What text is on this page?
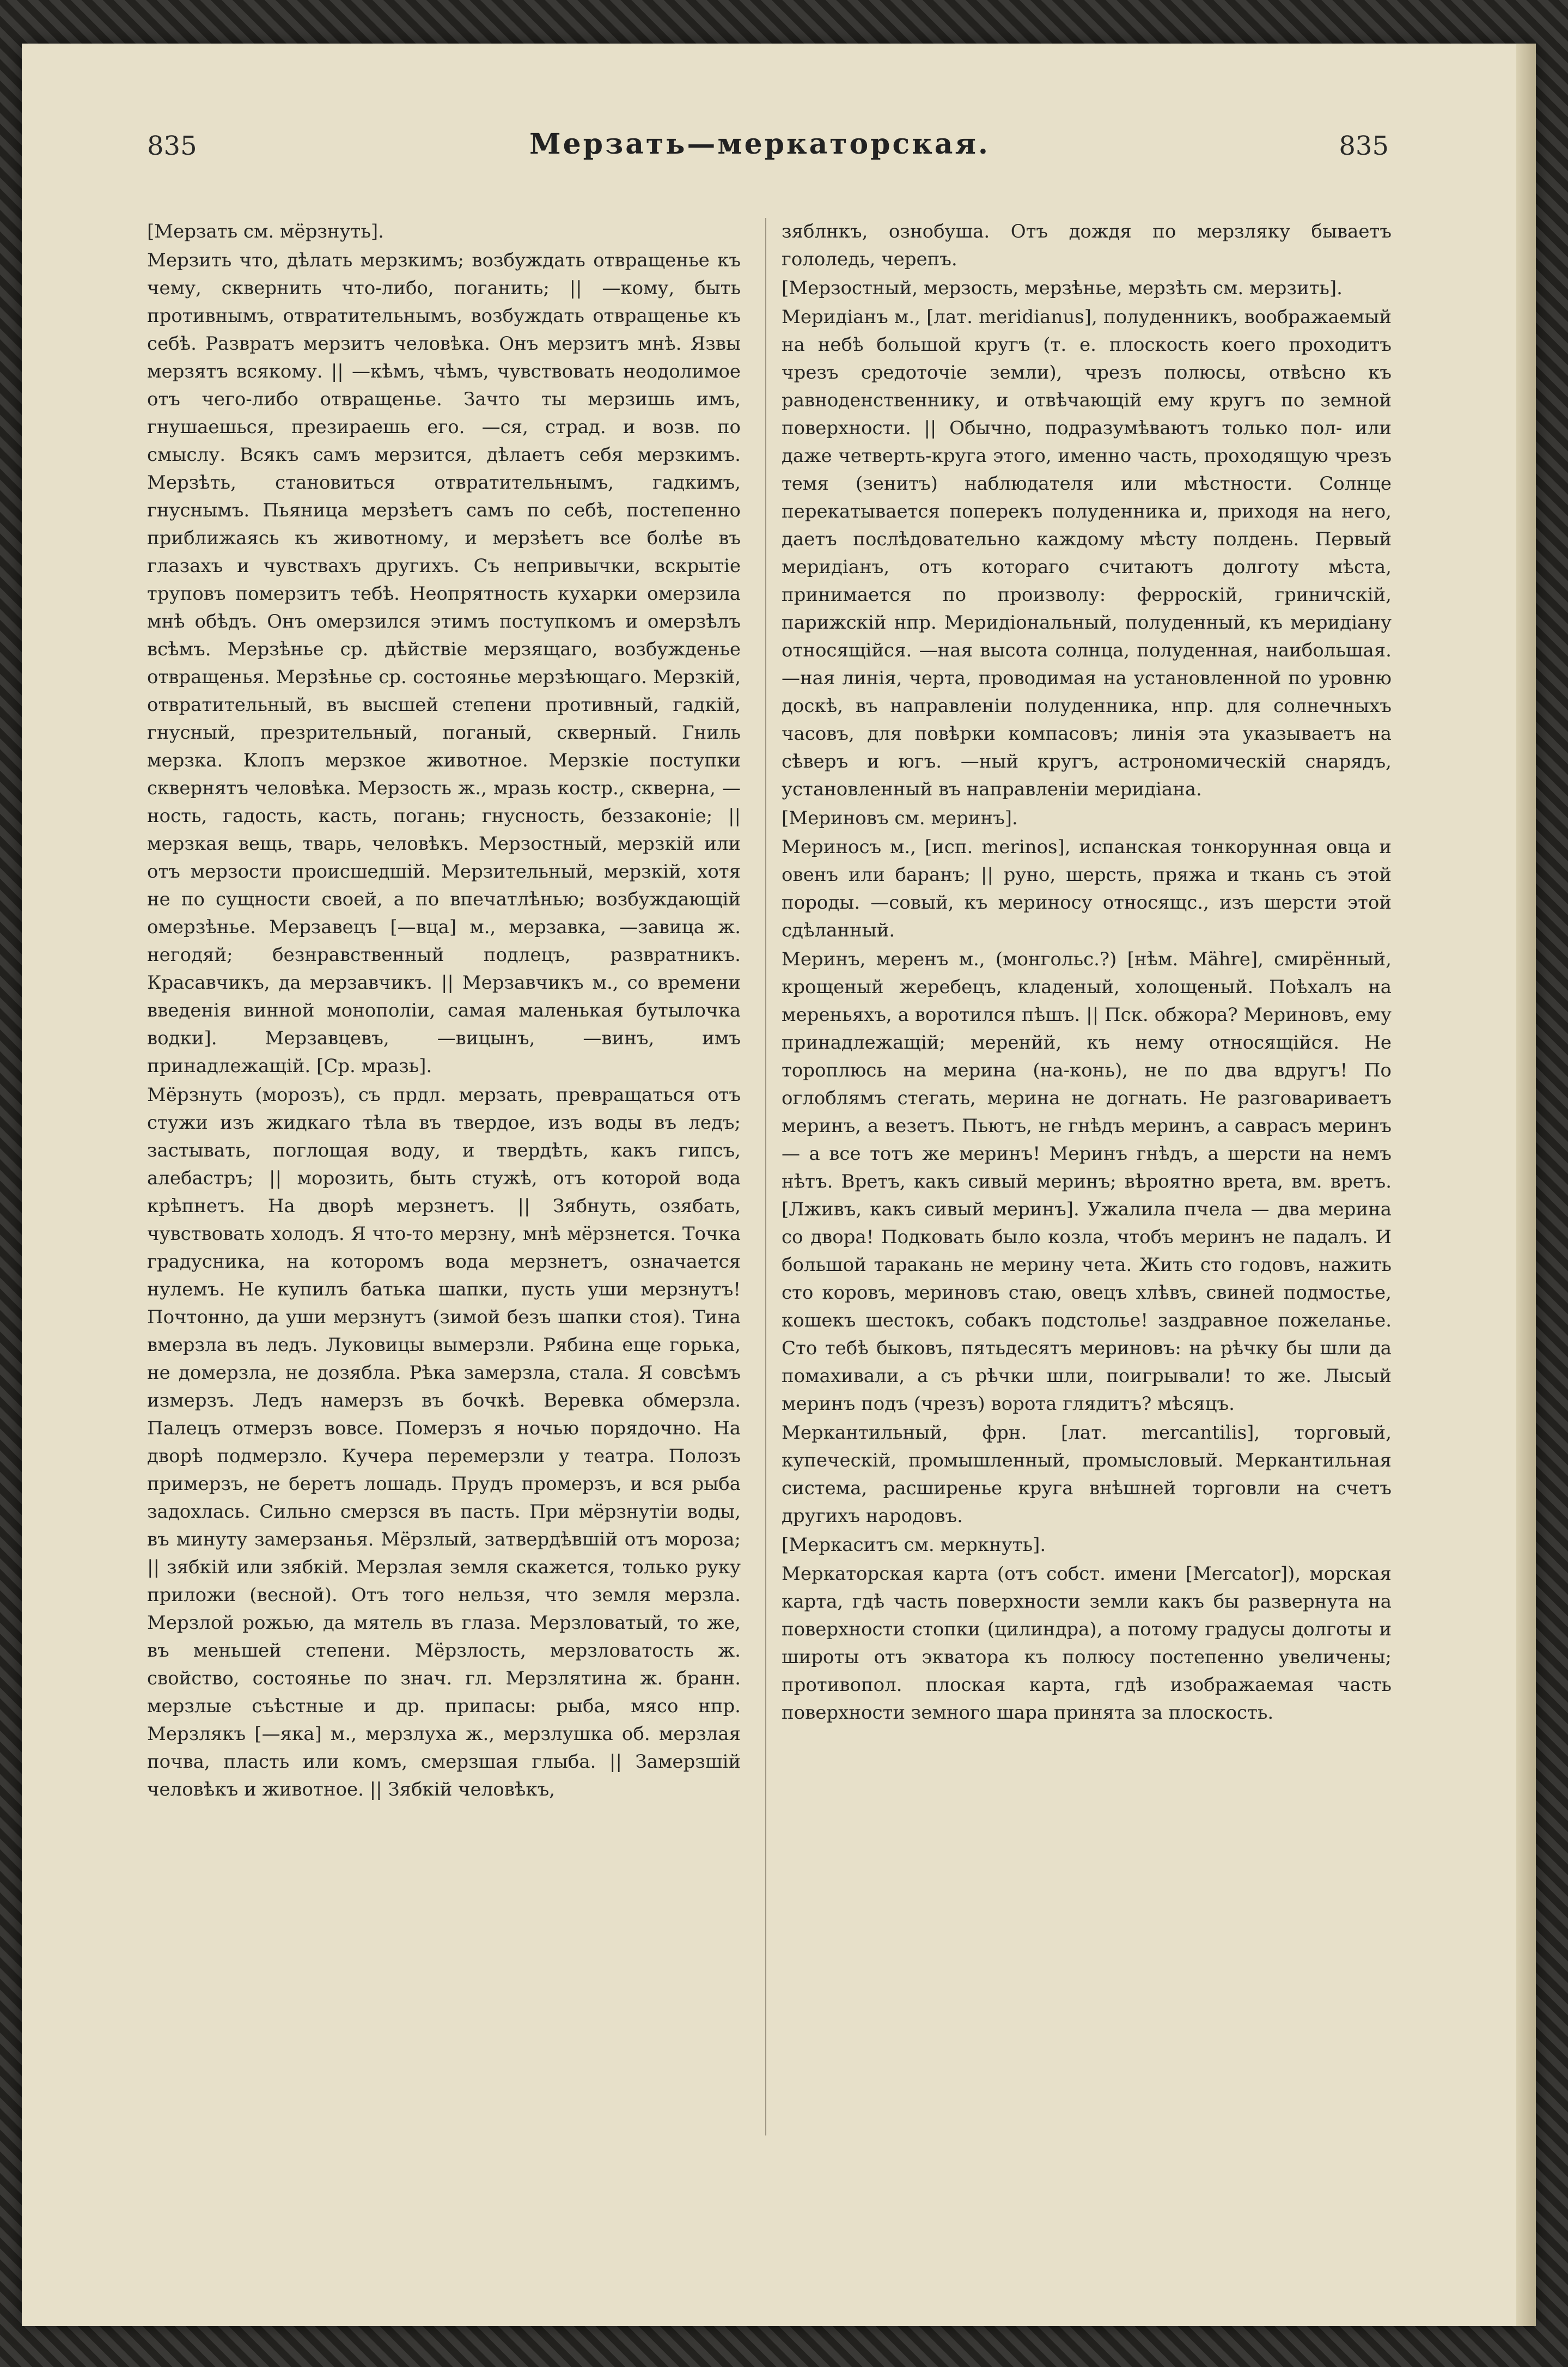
835	Мерзать—меркаторская.	835

[Мерзать см. мёрзнуть].

Мерзить что, дѣлать мерзкимъ; возбуждать отвращенье къ чему, сквернить что-либо, поганить; || —кому, быть противнымъ, отвратительнымъ, возбуждать отвращенье къ себѣ. Развратъ мерзитъ человѣка. Онъ мерзитъ мнѣ. Язвы мерзятъ всякому. || —кѣмъ, чѣмъ, чувствовать неодолимое отъ чего-либо отвращенье. Зачто ты мерзишь имъ, гнушаешься, презираешь его. —ся, страд. и возв. по смыслу. Всякъ самъ мерзится, дѣлаетъ себя мерзкимъ. Мерзѣть, становиться отвратительнымъ, гадкимъ, гнуснымъ. Пьяница мерзѣетъ самъ по себѣ, постепенно приближаясь къ животному, и мерзѣетъ все болѣе въ глазахъ и чувствахъ другихъ. Съ непривычки, вскрытіе труповъ померзитъ тебѣ. Неопрятность кухарки омерзила мнѣ обѣдъ. Онъ омерзился этимъ поступкомъ и омерзѣлъ всѣмъ. Мерзѣнье ср. дѣйствіе мерзящаго, возбужденье отвращенья. Мерзѣнье ср. состоянье мерзѣющаго. Мерзкій, отвратительный, въ высшей степени противный, гадкій, гнусный, презрительный, поганый, скверный. Гниль мерзка. Клопъ мерзкое животное. Мерзкіе поступки сквернятъ человѣка. Мерзость ж., мразь костр., скверна, —ность, гадость, касть, погань; гнусность, беззаконіе; || мерзкая вещь, тварь, человѣкъ. Мерзостный, мерзкій или отъ мерзости происшедшій. Мерзительный, мерзкій, хотя не по сущности своей, а по впечатлѣнью; возбуждающій омерзѣнье. Мерзавецъ [—вца] м., мерзавка, —завица ж. негодяй; безнравственный подлецъ, развратникъ. Красавчикъ, да мерзавчикъ. || Мерзавчикъ м., со времени введенія винной монополіи, самая маленькая бутылочка водки]. Мерзавцевъ, —вицынъ, —винъ, имъ принадлежащій. [Ср. мразь].

Мёрзнуть (морозъ), съ прдл. мерзать, превращаться отъ стужи изъ жидкаго тѣла въ твердое, изъ воды въ ледъ; застывать, поглощая воду, и твердѣть, какъ гипсъ, алебастръ; || морозить, быть стужѣ, отъ которой вода крѣпнетъ. На дворѣ мерзнетъ. || Зябнуть, озябать, чувствовать холодъ. Я что-то мерзну, мнѣ мёрзнется. Точка градусника, на которомъ вода мерзнетъ, означается нулемъ. Не купилъ батька шапки, пусть уши мерзнутъ! Почтонно, да уши мерзнутъ (зимой безъ шапки стоя). Тина вмерзла въ ледъ. Луковицы вымерзли. Рябина еще горька, не домерзла, не дозябла. Рѣка замерзла, стала. Я совсѣмъ измерзъ. Ледъ намерзъ въ бочкѣ. Веревка обмерзла. Палецъ отмерзъ вовсе. Померзъ я ночью порядочно. На дворѣ подмерзло. Кучера перемерзли у театра. Полозъ примерзъ, не беретъ лошадь. Прудъ промерзъ, и вся рыба задохлась. Сильно смерзся въ пасть. При мёрзнутіи воды, въ минуту замерзанья. Мёрзлый, затвердѣвшій отъ мороза; || зябкій или зябкій. Мерзлая земля скажется, только руку приложи (весной). Отъ того нельзя, что земля мерзла. Мерзлой рожью, да мятель въ глаза. Мерзловатый, то же, въ меньшей степени. Мёрзлость, мерзловатость ж. свойство, состоянье по знач. гл. Мерзлятина ж. бранн. мерзлые съѣстные и др. припасы: рыба, мясо нпр. Мерзлякъ [—яка] м., мерзлуха ж., мерзлушка об. мерзлая почва, пласть или комъ, смерзшая глыба. || Замерзшій человѣкъ и животное. || Зябкій человѣкъ,

зяблнкъ, ознобуша. Отъ дождя по мерзляку бываетъ гололедь, черепъ.

[Мерзостный, мерзость, мерзѣнье, мерзѣть см. мерзить].

Меридіанъ м., [лат. meridianus], полуденникъ, воображаемый на небѣ большой кругъ (т. е. плоскость коего проходитъ чрезъ средоточіе земли), чрезъ полюсы, отвѣсно къ равноденственнику, и отвѣчающій ему кругъ по земной поверхности. || Обычно, подразумѣваютъ только пол- или даже четверть-круга этого, именно часть, проходящую чрезъ темя (зенитъ) наблюдателя или мѣстности. Солнце перекатывается поперекъ полуденника и, приходя на него, даетъ послѣдовательно каждому мѣсту полдень. Первый меридіанъ, отъ котораго считаютъ долготу мѣста, принимается по произволу: ферроскій, гриничскій, парижскій нпр. Меридіональный, полуденный, къ меридіану относящійся. —ная высота солнца, полуденная, наибольшая. —ная линія, черта, проводимая на установленной по уровню доскѣ, въ направленіи полуденника, нпр. для солнечныхъ часовъ, для повѣрки компасовъ; линія эта указываетъ на сѣверъ и югъ. —ный кругъ, астрономическій снарядъ, установленный въ направленіи меридіана.

[Мериновъ см. меринъ].

Мериносъ м., [исп. merinos], испанская тонкорунная овца и овенъ или баранъ; || руно, шерсть, пряжа и ткань съ этой породы. —совый, къ мериносу относящс., изъ шерсти этой сдѣланный.

Меринъ, меренъ м., (монгольс.?) [нѣм. Mähre], смирённый, крощеный жеребецъ, кладеный, холощеный. Поѣхалъ на мереньяхъ, а воротился пѣшъ. || Пск. обжора? Мериновъ, ему принадлежащій; меренйй, къ нему относящійся. Не тороплюсь на мерина (на-конь), не по два вдругъ! По оглоблямъ стегать, мерина не догнать. Не разговариваетъ меринъ, а везетъ. Пьютъ, не гнѣдъ меринъ, а саврасъ меринъ — а все тотъ же меринъ! Меринъ гнѣдъ, а шерсти на немъ нѣтъ. Вретъ, какъ сивый меринъ; вѣроятно врета, вм. вретъ. [Лживъ, какъ сивый меринъ]. Ужалила пчела — два мерина со двора! Подковать было козла, чтобъ меринъ не падалъ. И большой таракань не мерину чета. Жить сто годовъ, нажить сто коровъ, мериновъ стаю, овецъ хлѣвъ, свиней подмостье, кошекъ шестокъ, собакъ подстолье! заздравное пожеланье. Сто тебѣ быковъ, пятьдесятъ мериновъ: на рѣчку бы шли да помахивали, а съ рѣчки шли, поигрывали! то же. Лысый меринъ подъ (чрезъ) ворота глядитъ? мѣсяцъ.

Меркантильный, фрн. [лат. mercantilis], торговый, купеческій, промышленный, промысловый. Меркантильная система, расширенье круга внѣшней торговли на счетъ другихъ народовъ.

[Меркаситъ см. меркнуть].

Меркаторская карта (отъ собст. имени [Mercator]), морская карта, гдѣ часть поверхности земли какъ бы развернута на поверхности стопки (цилиндра), а потому градусы долготы и широты отъ экватора къ полюсу постепенно увеличены; противопол. плоская карта, гдѣ изображаемая часть поверхности земного шара принята за плоскость.
